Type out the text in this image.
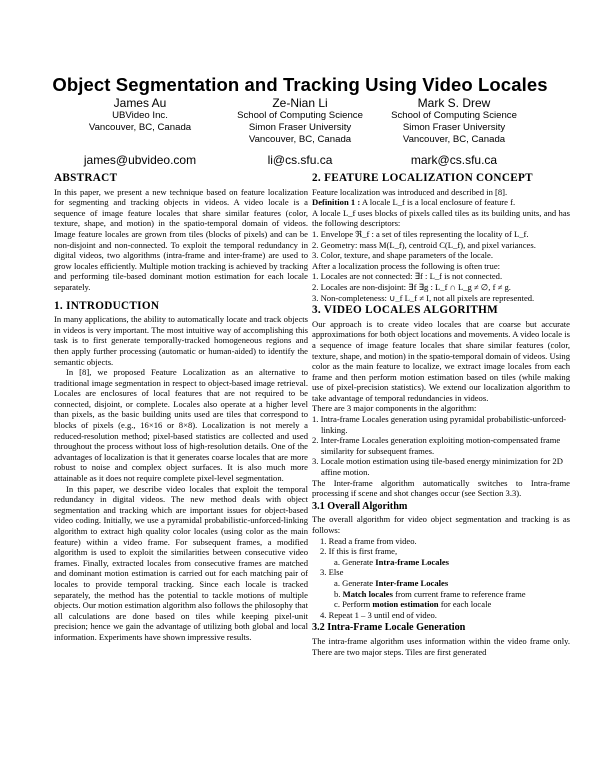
Object Segmentation and Tracking Using Video Locales
James Au
UBVideo Inc.
Vancouver, BC, Canada
james@ubvideo.com
Ze-Nian Li
School of Computing Science
Simon Fraser University
Vancouver, BC, Canada
li@cs.sfu.ca
Mark S. Drew
School of Computing Science
Simon Fraser University
Vancouver, BC, Canada
mark@cs.sfu.ca
ABSTRACT

In this paper, we present a new technique based on feature localization for segmenting and tracking objects in videos. A video locale is a sequence of image feature locales that share similar features (color, texture, shape, and motion) in the spatio-temporal domain of videos. Image feature locales are grown from tiles (blocks of pixels) and can be non-disjoint and non-connected. To exploit the temporal redundancy in digital videos, two algorithms (intra-frame and inter-frame) are used to grow locales efficiently. Multiple motion tracking is achieved by tracking and performing tile-based dominant motion estimation for each locale separately.

1. INTRODUCTION

In many applications, the ability to automatically locate and track objects in videos is very important. The most intuitive way of accomplishing this task is to first generate temporally-tracked homogeneous regions and then apply further processing (automatic or human-aided) to identify the semantic objects.

In [8], we proposed Feature Localization as an alternative to traditional image segmentation in respect to object-based image retrieval. Locales are enclosures of local features that are not required to be connected, disjoint, or complete. Locales also operate at a higher level than pixels, as the basic building units used are tiles that correspond to blocks of pixels (e.g., 16×16 or 8×8). Localization is not merely a reduced-resolution method; pixel-based statistics are collected and used throughout the process without loss of high-resolution details. One of the advantages of localization is that it generates coarse locales that are more robust to noise and complex object surfaces. It is also much more attainable as it does not require complete pixel-level segmentation.

In this paper, we describe video locales that exploit the temporal redundancy in digital videos. The new method deals with object segmentation and tracking which are important issues for object-based video coding. Initially, we use a pyramidal probabilistic-unforced-linking algorithm to extract high quality color locales (using color as the main feature) within a video frame. For subsequent frames, a modified algorithm is used to exploit the similarities between consecutive video frames. Finally, extracted locales from consecutive frames are matched and dominant motion estimation is carried out for each matching pair of locales to provide temporal tracking. Since each locale is tracked separately, the method has the potential to tackle motions of multiple objects. Our motion estimation algorithm also follows the philosophy that all calculations are done based on tiles while keeping pixel-unit precision; hence we gain the advantage of utilizing both global and local information. Experiments have shown impressive results.

2. FEATURE LOCALIZATION CONCEPT

Feature localization was introduced and described in [8].

Definition 1 : A locale L_f is a local enclosure of feature f.

A locale L_f uses blocks of pixels called tiles as its building units, and has the following descriptors:

1. Envelope ℜ_f : a set of tiles representing the locality of L_f.
2. Geometry: mass M(L_f), centroid C(L_f), and pixel variances.
3. Color, texture, and shape parameters of the locale.

After a localization process the following is often true:

1. Locales are not connected: ∃f : L_f is not connected.
2. Locales are non-disjoint: ∃f ∃g : L_f ∩ L_g ≠ ∅, f ≠ g.
3. Non-completeness: ∪_f L_f ≠ I, not all pixels are represented.
3. VIDEO LOCALES ALGORITHM

Our approach is to create video locales that are coarse but accurate approximations for both object locations and movements. A video locale is a sequence of image feature locales that share similar features (color, texture, shape, and motion) in the spatio-temporal domain of videos. Using color as the main feature to localize, we extract image locales from each frame and then perform motion estimation based on tiles (while making use of pixel-precision statistics). We extend our localization algorithm to take advantage of temporal redundancies in videos.

There are 3 major components in the algorithm:

1. Intra-frame Locales generation using pyramidal probabilistic-unforced-linking.
2. Inter-frame Locales generation exploiting motion-compensated frame similarity for subsequent frames.
3. Locale motion estimation using tile-based energy minimization for 2D affine motion.

The Inter-frame algorithm automatically switches to Intra-frame processing if scene and shot changes occur (see Section 3.3).

3.1 Overall Algorithm

The overall algorithm for video object segmentation and tracking is as follows:

1. Read a frame from video.
2. If this is first frame,
a. Generate Intra-frame Locales
3. Else
a. Generate Inter-frame Locales
b. Match locales from current frame to reference frame
c. Perform motion estimation for each locale
4. Repeat 1 – 3 until end of video.
3.2 Intra-Frame Locale Generation

The intra-frame algorithm uses information within the video frame only. There are two major steps. Tiles are first generated
